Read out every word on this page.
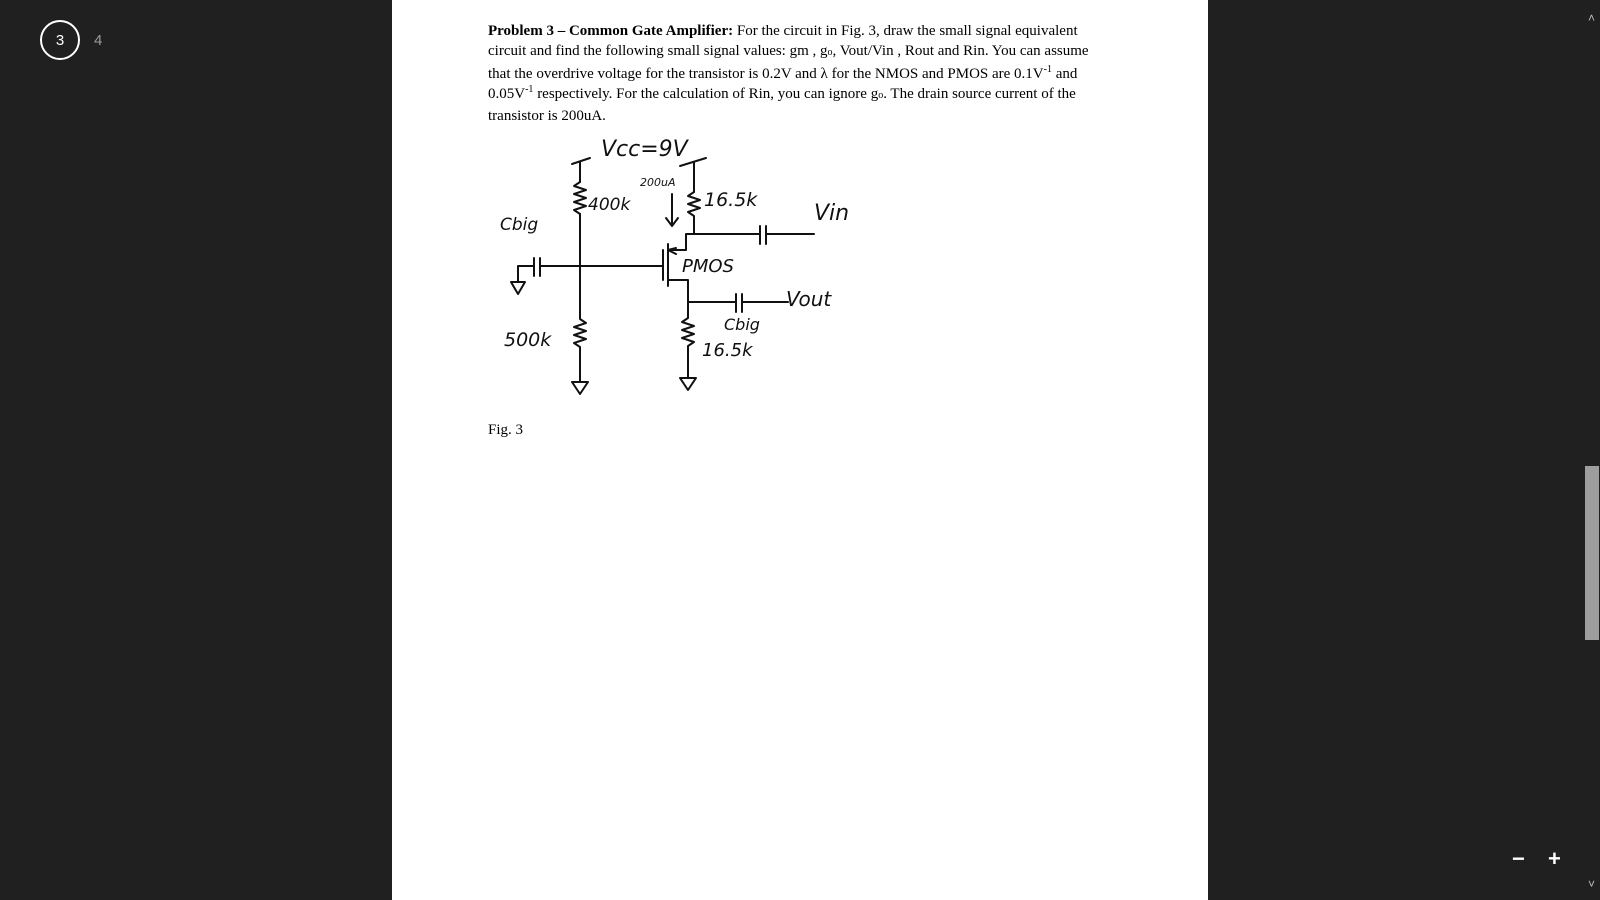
3	4
Problem 3 – Common Gate Amplifier: For the circuit in Fig. 3, draw the small signal equivalent circuit and find the following small signal values: gm , go, Vout/Vin , Rout and Rin. You can assume that the overdrive voltage for the transistor is 0.2V and λ for the NMOS and PMOS are $0.1V^{-1}$ and $0.05V^{-1}$ respectively. For the calculation of Rin, you can ignore go. The drain source current of the transistor is 200uA.
Vcc=9V
400k
200uA
16.5k
Vin
Cbig
PMOS
Vout
Cbig
500k	16.5k
Fig. 3
˄
˅
− +
